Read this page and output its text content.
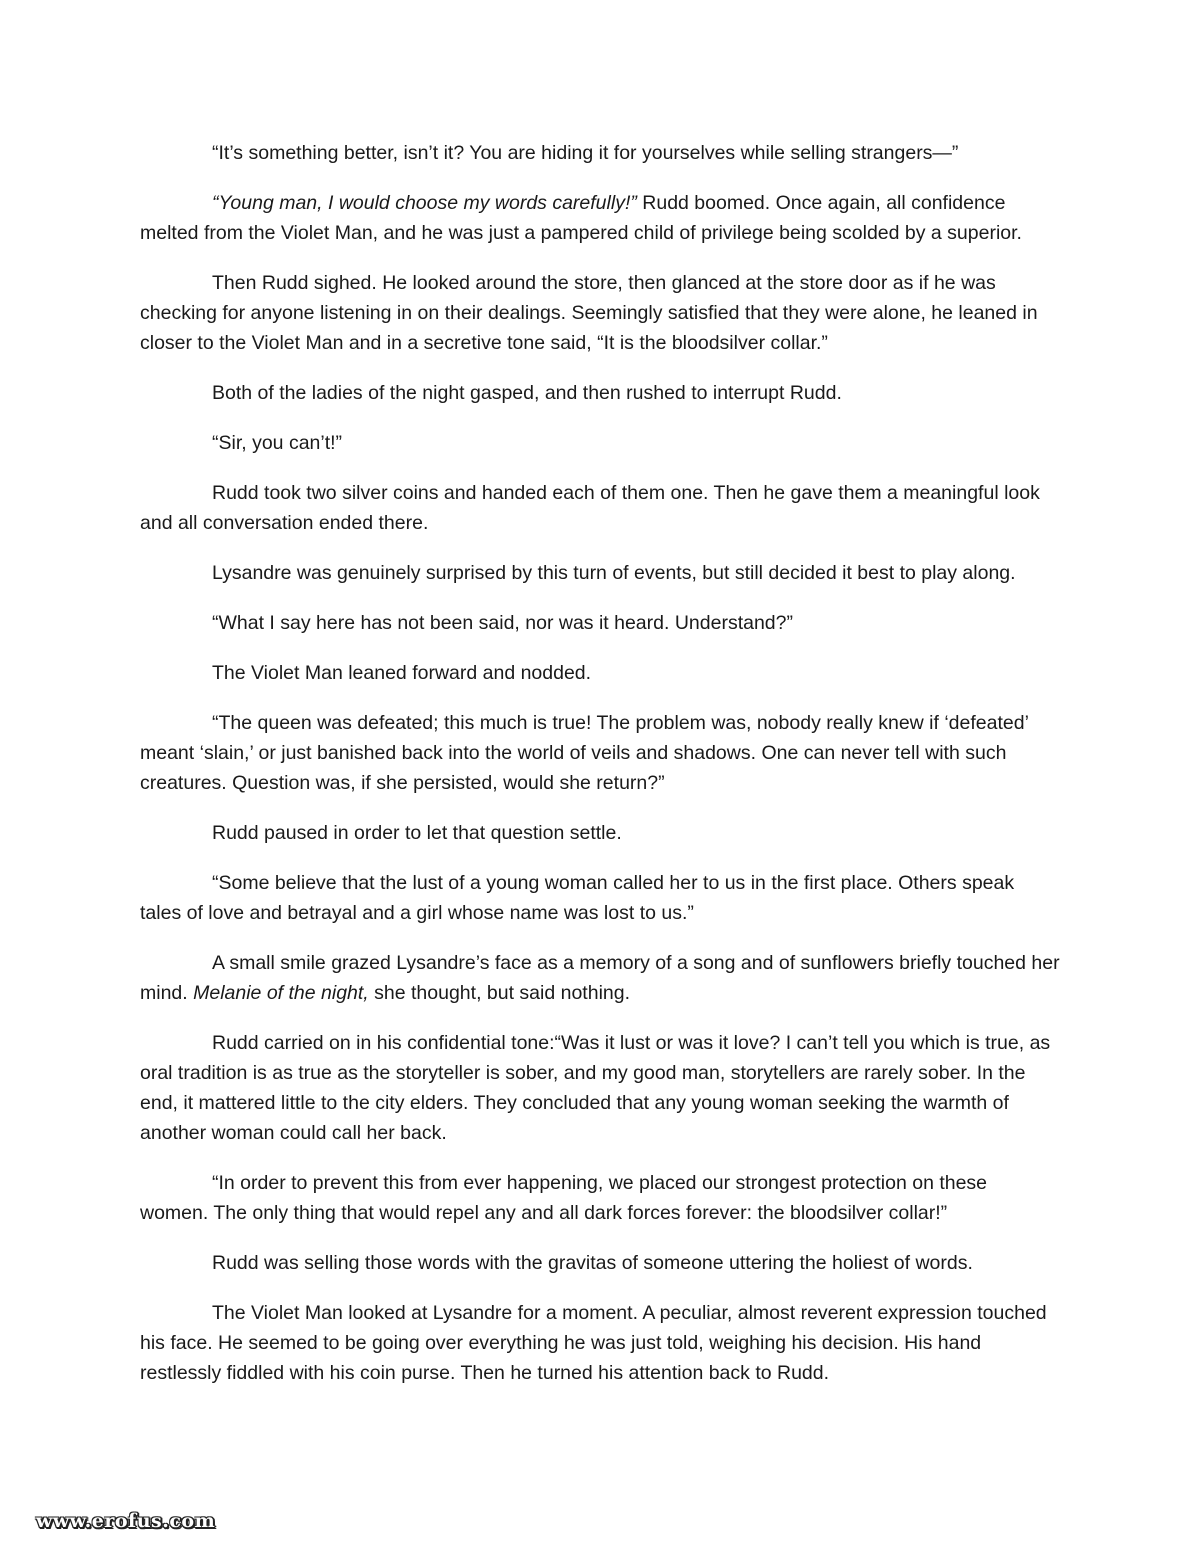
“It’s something better, isn’t it? You are hiding it for yourselves while selling strangers—”

“Young man, I would choose my words carefully!” Rudd boomed. Once again, all confidence melted from the Violet Man, and he was just a pampered child of privilege being scolded by a superior.

Then Rudd sighed. He looked around the store, then glanced at the store door as if he was checking for anyone listening in on their dealings. Seemingly satisfied that they were alone, he leaned in closer to the Violet Man and in a secretive tone said, “It is the bloodsilver collar.”

Both of the ladies of the night gasped, and then rushed to interrupt Rudd.

“Sir, you can’t!”

Rudd took two silver coins and handed each of them one. Then he gave them a meaningful look and all conversation ended there.

Lysandre was genuinely surprised by this turn of events, but still decided it best to play along.

“What I say here has not been said, nor was it heard. Understand?”

The Violet Man leaned forward and nodded.

“The queen was defeated; this much is true! The problem was, nobody really knew if ‘defeated’ meant ‘slain,’ or just banished back into the world of veils and shadows. One can never tell with such creatures. Question was, if she persisted, would she return?”

Rudd paused in order to let that question settle.

“Some believe that the lust of a young woman called her to us in the first place. Others speak tales of love and betrayal and a girl whose name was lost to us.”

A small smile grazed Lysandre’s face as a memory of a song and of sunflowers briefly touched her mind. Melanie of the night, she thought, but said nothing.

Rudd carried on in his confidential tone:“Was it lust or was it love? I can’t tell you which is true, as oral tradition is as true as the storyteller is sober, and my good man, storytellers are rarely sober. In the end, it mattered little to the city elders. They concluded that any young woman seeking the warmth of another woman could call her back.

“In order to prevent this from ever happening, we placed our strongest protection on these women. The only thing that would repel any and all dark forces forever: the bloodsilver collar!”

Rudd was selling those words with the gravitas of someone uttering the holiest of words.

The Violet Man looked at Lysandre for a moment. A peculiar, almost reverent expression touched his face. He seemed to be going over everything he was just told, weighing his decision. His hand restlessly fiddled with his coin purse. Then he turned his attention back to Rudd.

www.erofus.com
